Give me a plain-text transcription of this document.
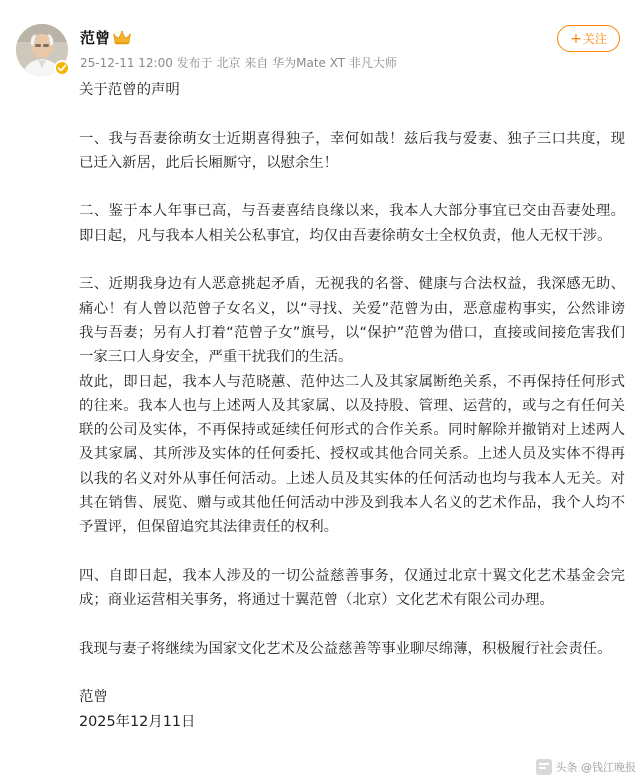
范曾
25-12-11 12:00 发布于 北京 来自 华为Mate XT 非凡大师
+ 关注

关于范曾的声明

一、我与吾妻徐萌女士近期喜得独子，幸何如哉！兹后我与爱妻、独子三口共度，现已迁入新居，此后长厢厮守，以慰余生！

二、鉴于本人年事已高，与吾妻喜结良缘以来，我本人大部分事宜已交由吾妻处理。即日起，凡与我本人相关公私事宜，均仅由吾妻徐萌女士全权负责，他人无权干涉。

三、近期我身边有人恶意挑起矛盾，无视我的名誉、健康与合法权益，我深感无助、痛心！有人曾以范曾子女名义，以“寻找、关爱”范曾为由，恶意虚构事实，公然诽谤我与吾妻；另有人打着“范曾子女”旗号，以“保护”范曾为借口，直接或间接危害我们一家三口人身安全，严重干扰我们的生活。

故此，即日起，我本人与范晓蕙、范仲达二人及其家属断绝关系，不再保持任何形式的往来。我本人也与上述两人及其家属、以及持股、管理、运营的，或与之有任何关联的公司及实体，不再保持或延续任何形式的合作关系。同时解除并撤销对上述两人及其家属、其所涉及实体的任何委托、授权或其他合同关系。上述人员及实体不得再以我的名义对外从事任何活动。上述人员及其实体的任何活动也均与我本人无关。对其在销售、展览、赠与或其他任何活动中涉及到我本人名义的艺术作品，我个人均不予置评，但保留追究其法律责任的权利。

四、自即日起，我本人涉及的一切公益慈善事务，仅通过北京十翼文化艺术基金会完成；商业运营相关事务，将通过十翼范曾（北京）文化艺术有限公司办理。

我现与妻子将继续为国家文化艺术及公益慈善等事业聊尽绵薄，积极履行社会责任。

范曾

2025年12月11日

头条 @钱江晚报
